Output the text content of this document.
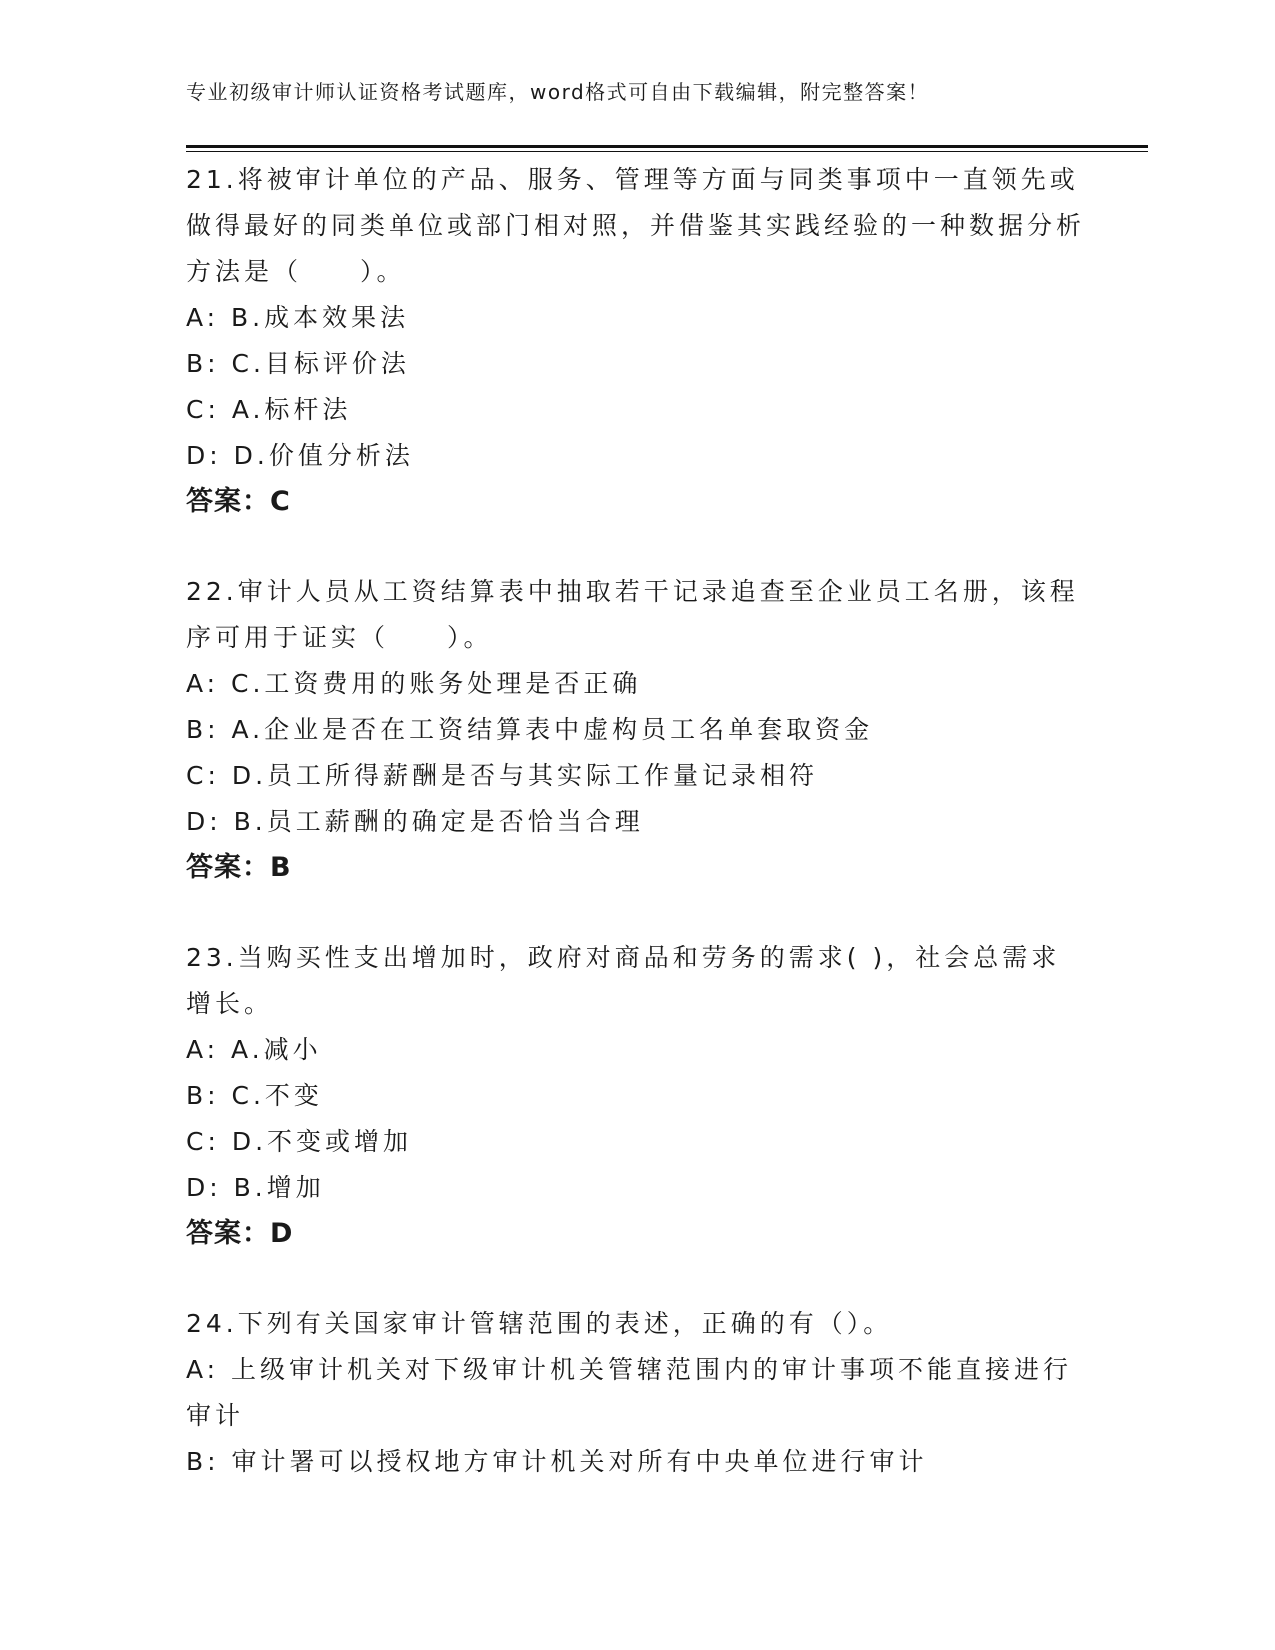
专业初级审计师认证资格考试题库，word格式可自由下载编辑，附完整答案！
21.将被审计单位的产品、服务、管理等方面与同类事项中一直领先或做得最好的同类单位或部门相对照，并借鉴其实践经验的一种数据分析方法是（　　）。
A: B.成本效果法
B: C.目标评价法
C: A.标杆法
D: D.价值分析法
答案：C
22.审计人员从工资结算表中抽取若干记录追查至企业员工名册，该程序可用于证实（　　）。
A: C.工资费用的账务处理是否正确
B: A.企业是否在工资结算表中虚构员工名单套取资金
C: D.员工所得薪酬是否与其实际工作量记录相符
D: B.员工薪酬的确定是否恰当合理
答案：B
23.当购买性支出增加时，政府对商品和劳务的需求( )，社会总需求增长。
A: A.减小
B: C.不变
C: D.不变或增加
D: B.增加
答案：D
24.下列有关国家审计管辖范围的表述，正确的有（）。
A: 上级审计机关对下级审计机关管辖范围内的审计事项不能直接进行审计
B: 审计署可以授权地方审计机关对所有中央单位进行审计
